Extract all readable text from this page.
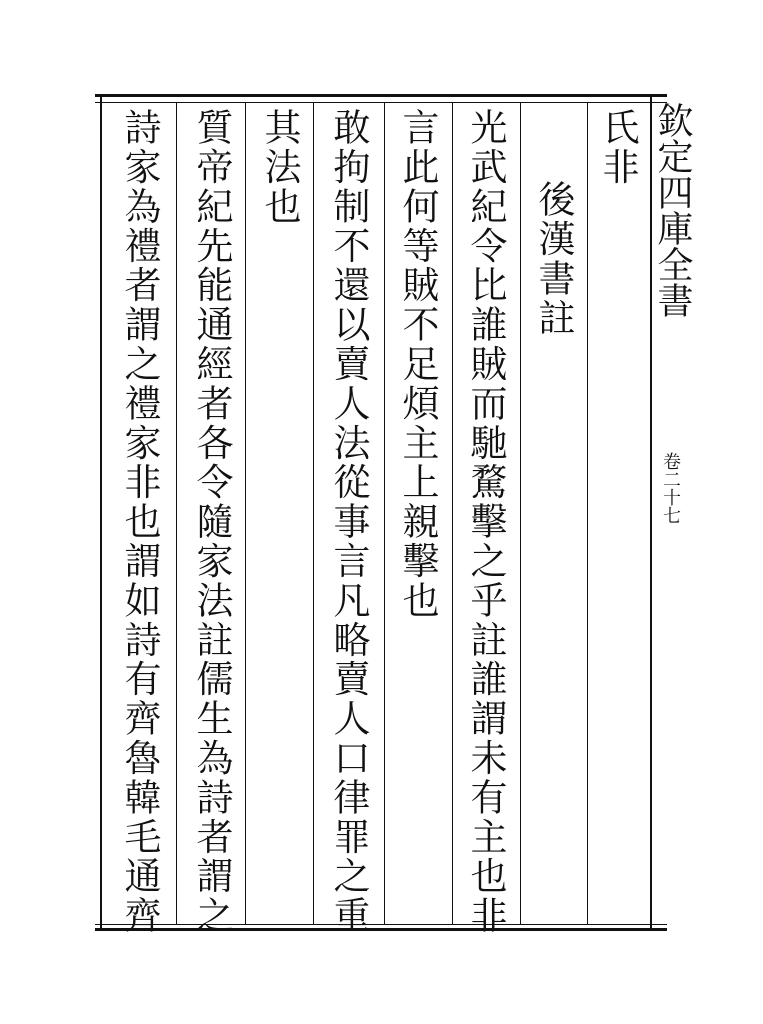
欽定四庫全書
卷二十七
氏非
後漢書註
光武紀令比誰賊而馳騖擊之乎註誰謂未有主也非
言此何等賊不足煩主上親擊也
敢拘制不還以賣人法從事言凡略賣人口律罪之重
其法也
質帝紀先能通經者各令隨家法註儒生為詩者謂之
詩家為禮者謂之禮家非也謂如詩有齊魯韓毛通齊
